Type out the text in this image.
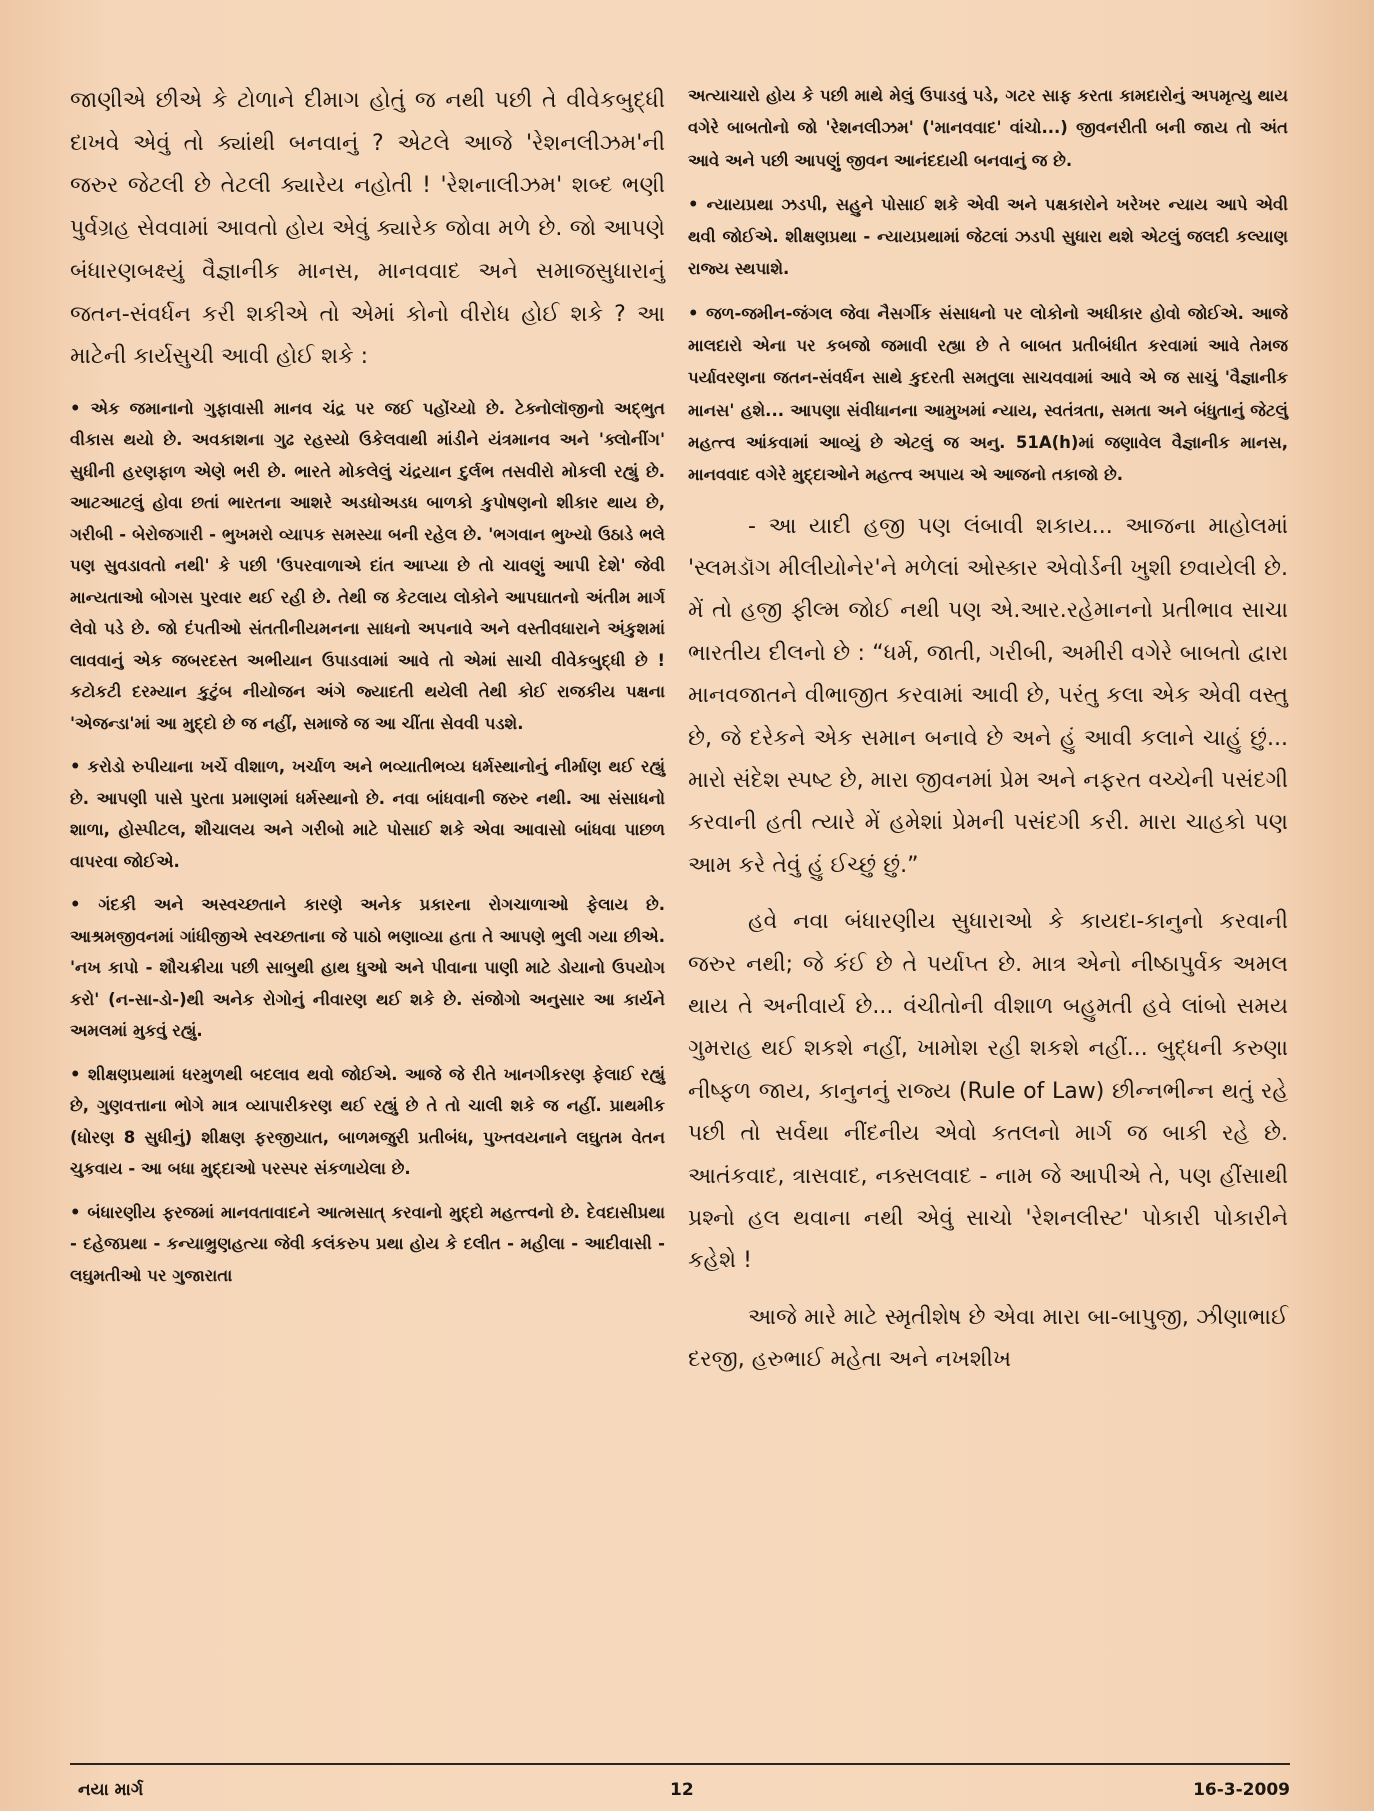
જાણીએ છીએ કે ટોળાને દીમાગ હોતું જ નથી પછી તે વીવેકબુદ્ધી દાખવે એવું તો ક્યાંથી બનવાનું ? એટલે આજે 'રેશનલીઝમ'ની જરુર જેટલી છે તેટલી ક્યારેય નહોતી ! 'રેશનાલીઝમ' શબ્દ ભણી પુર્વગ્રહ સેવવામાં આવતો હોય એવું ક્યારેક જોવા મળે છે. જો આપણે બંધારણબક્ષ્યું વૈજ્ઞાનીક માનસ, માનવવાદ અને સમાજસુધારાનું જતન-સંવર્ધન કરી શકીએ તો એમાં કોનો વીરોધ હોઈ શકે ? આ માટેની કાર્યસુચી આવી હોઈ શકે :

• એક જમાનાનો ગુફાવાસી માનવ ચંદ્ર પર જઈ પહોંચ્યો છે. ટેક્નોલૉજીનો અદ્ભુત વીકાસ થયો છે. અવકાશના ગુઢ રહસ્યો ઉકેલવાથી માંડીને યંત્રમાનવ અને 'ક્લોનીંગ' સુધીની હરણફાળ એણે ભરી છે. ભારતે મોકલેલું ચંદ્રયાન દુર્લભ તસવીરો મોકલી રહ્યું છે. આટઆટલું હોવા છતાં ભારતના આશરે અડધોઅડધ બાળકો કુપોષણનો શીકાર થાય છે, ગરીબી - બેરોજગારી - ભુખમરો વ્યાપક સમસ્યા બની રહેલ છે. 'ભગવાન ભુખ્યો ઉઠાડે ભલે પણ સુવડાવતો નથી' કે પછી 'ઉપરવાળાએ દાંત આપ્યા છે તો ચાવણું આપી દેશે' જેવી માન્યતાઓ બોગસ પુરવાર થઈ રહી છે. તેથી જ કેટલાય લોકોને આપઘાતનો અંતીમ માર્ગ લેવો પડે છે. જો દંપતીઓ સંતતીનીયમનના સાધનો અપનાવે અને વસ્તીવધારાને અંકુશમાં લાવવાનું એક જબરદસ્ત અભીયાન ઉપાડવામાં આવે તો એમાં સાચી વીવેકબુદ્ધી છે ! કટોકટી દરમ્યાન કુટુંબ નીયોજન અંગે જ્યાદતી થયેલી તેથી કોઈ રાજકીય પક્ષના 'એજન્ડા'માં આ મુદ્દો છે જ નહીં, સમાજે જ આ ચીંતા સેવવી પડશે.

• કરોડો રુપીયાના ખર્ચે વીશાળ, ખર્ચાળ અને ભવ્યાતીભવ્ય ધર્મસ્થાનોનું નીર્માણ થઈ રહ્યું છે. આપણી પાસે પુરતા પ્રમાણમાં ધર્મસ્થાનો છે. નવા બાંધવાની જરુર નથી. આ સંસાધનો શાળા, હોસ્પીટલ, શૌચાલય અને ગરીબો માટે પોસાઈ શકે એવા આવાસો બાંધવા પાછળ વાપરવા જોઈએ.

• ગંદકી અને અસ્વચ્છતાને કારણે અનેક પ્રકારના રોગચાળાઓ ફેલાય છે. આશ્રમજીવનમાં ગાંધીજીએ સ્વચ્છતાના જે પાઠો ભણાવ્યા હતા તે આપણે ભુલી ગયા છીએ. 'નખ કાપો - શૌચક્રીયા પછી સાબુથી હાથ ધુઓ અને પીવાના પાણી માટે ડોયાનો ઉપયોગ કરો' (ન-સા-ડો-)થી અનેક રોગોનું નીવારણ થઈ શકે છે. સંજોગો અનુસાર આ કાર્યને અમલમાં મુકવું રહ્યું.

• શીક્ષણપ્રથામાં ધરમુળથી બદલાવ થવો જોઈએ. આજે જે રીતે ખાનગીકરણ ફેલાઈ રહ્યું છે, ગુણવત્તાના ભોગે માત્ર વ્યાપારીકરણ થઈ રહ્યું છે તે તો ચાલી શકે જ નહીં. પ્રાથમીક (ધોરણ 8 સુધીનું) શીક્ષણ ફરજીયાત, બાળમજુરી પ્રતીબંધ, પુખ્તવયનાને લઘુતમ વેતન ચુકવાય - આ બધા મુદ્દાઓ પરસ્પર સંકળાયેલા છે.

• બંધારણીય ફરજમાં માનવતાવાદને આત્મસાત્ કરવાનો મુદ્દો મહત્ત્વનો છે. દેવદાસીપ્રથા - દહેજપ્રથા - કન્યાભ્રુણહત્યા જેવી કલંકરુપ પ્રથા હોય કે દલીત - મહીલા - આદીવાસી - લઘુમતીઓ પર ગુજારાતા

અત્યાચારો હોય કે પછી માથે મેલું ઉપાડવું પડે, ગટર સાફ કરતા કામદારોનું અપમૃત્યુ થાય વગેરે બાબતોનો જો 'રેશનલીઝમ' ('માનવવાદ' વાંચો...) જીવનરીતી બની જાય તો અંત આવે અને પછી આપણું જીવન આનંદદાયી બનવાનું જ છે.

• ન્યાયપ્રથા ઝડપી, સહુને પોસાઈ શકે એવી અને પક્ષકારોને ખરેખર ન્યાય આપે એવી થવી જોઈએ. શીક્ષણપ્રથા - ન્યાયપ્રથામાં જેટલાં ઝડપી સુધારા થશે એટલું જલદી કલ્યાણ રાજ્ય સ્થપાશે.

• જળ-જમીન-જંગલ જેવા નૈસર્ગીક સંસાધનો પર લોકોનો અધીકાર હોવો જોઈએ. આજે માલદારો એના પર કબજો જમાવી રહ્યા છે તે બાબત પ્રતીબંધીત કરવામાં આવે તેમજ પર્યાવરણના જતન-સંવર્ધન સાથે કુદરતી સમતુલા સાચવવામાં આવે એ જ સાચું 'વૈજ્ઞાનીક માનસ' હશે... આપણા સંવીધાનના આમુખમાં ન્યાય, સ્વતંત્રતા, સમતા અને બંધુતાનું જેટલું મહત્ત્વ આંકવામાં આવ્યું છે એટલું જ અનુ. 51A(h)માં જણાવેલ વૈજ્ઞાનીક માનસ, માનવવાદ વગેરે મુદ્દાઓને મહત્ત્વ અપાય એ આજનો તકાજો છે.

- આ યાદી હજી પણ લંબાવી શકાય... આજના માહોલમાં 'સ્લમડૉગ મીલીયોનેર'ને મળેલાં ઓસ્કાર એવોર્ડની ખુશી છવાયેલી છે. મેં તો હજી ફીલ્મ જોઈ નથી પણ એ.આર.રહેમાનનો પ્રતીભાવ સાચા ભારતીય દીલનો છે : “ધર્મ, જાતી, ગરીબી, અમીરી વગેરે બાબતો દ્વારા માનવજાતને વીભાજીત કરવામાં આવી છે, પરંતુ કલા એક એવી વસ્તુ છે, જે દરેકને એક સમાન બનાવે છે અને હું આવી કલાને ચાહું છું... મારો સંદેશ સ્પષ્ટ છે, મારા જીવનમાં પ્રેમ અને નફરત વચ્ચેની પસંદગી કરવાની હતી ત્યારે મેં હમેશાં પ્રેમની પસંદગી કરી. મારા ચાહકો પણ આમ કરે તેવું હું ઈચ્છું છું.”

હવે નવા બંધારણીય સુધારાઓ કે કાયદા-કાનુનો કરવાની જરુર નથી; જે કંઈ છે તે પર્યાપ્ત છે. માત્ર એનો નીષ્ઠાપુર્વક અમલ થાય તે અનીવાર્ય છે... વંચીતોની વીશાળ બહુમતી હવે લાંબો સમય ગુમરાહ થઈ શકશે નહીં, ખામોશ રહી શકશે નહીં... બુદ્ધની કરુણા નીષ્ફળ જાય, કાનુનનું રાજ્ય (Rule of Law) છીન્નભીન્ન થતું રહે પછી તો સર્વથા નીંદનીય એવો કતલનો માર્ગ જ બાકી રહે છે. આતંકવાદ, ત્રાસવાદ, નક્સલવાદ - નામ જે આપીએ તે, પણ હીંસાથી પ્રશ્નો હલ થવાના નથી એવું સાચો 'રેશનલીસ્ટ' પોકારી પોકારીને કહેશે !

આજે મારે માટે સ્મૃતીશેષ છે એવા મારા બા-બાપુજી, ઝીણાભાઈ દરજી, હરુભાઈ મહેતા અને નખશીખ

નયા માર્ગ	12	16-3-2009
